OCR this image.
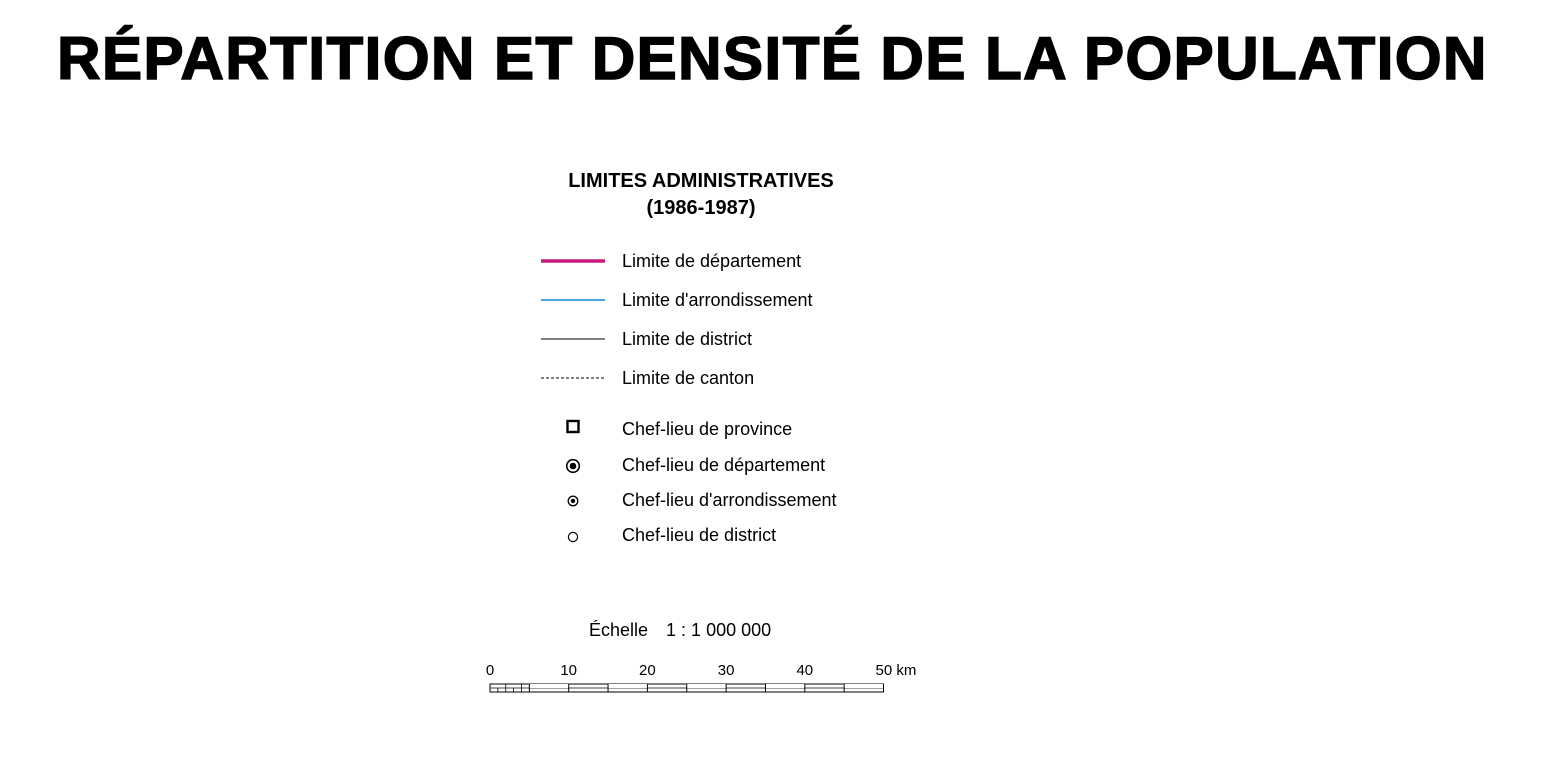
RÉPARTITION ET DENSITÉ DE LA POPULATION
LIMITES ADMINISTRATIVES
(1986-1987)
Limite de département
Limite d'arrondissement
Limite de district
Limite de canton
Chef-lieu de province
Chef-lieu de département
Chef-lieu d'arrondissement
Chef-lieu de district
Échelle 1 : 1 000 000
0	10	20	30	40	50 km
